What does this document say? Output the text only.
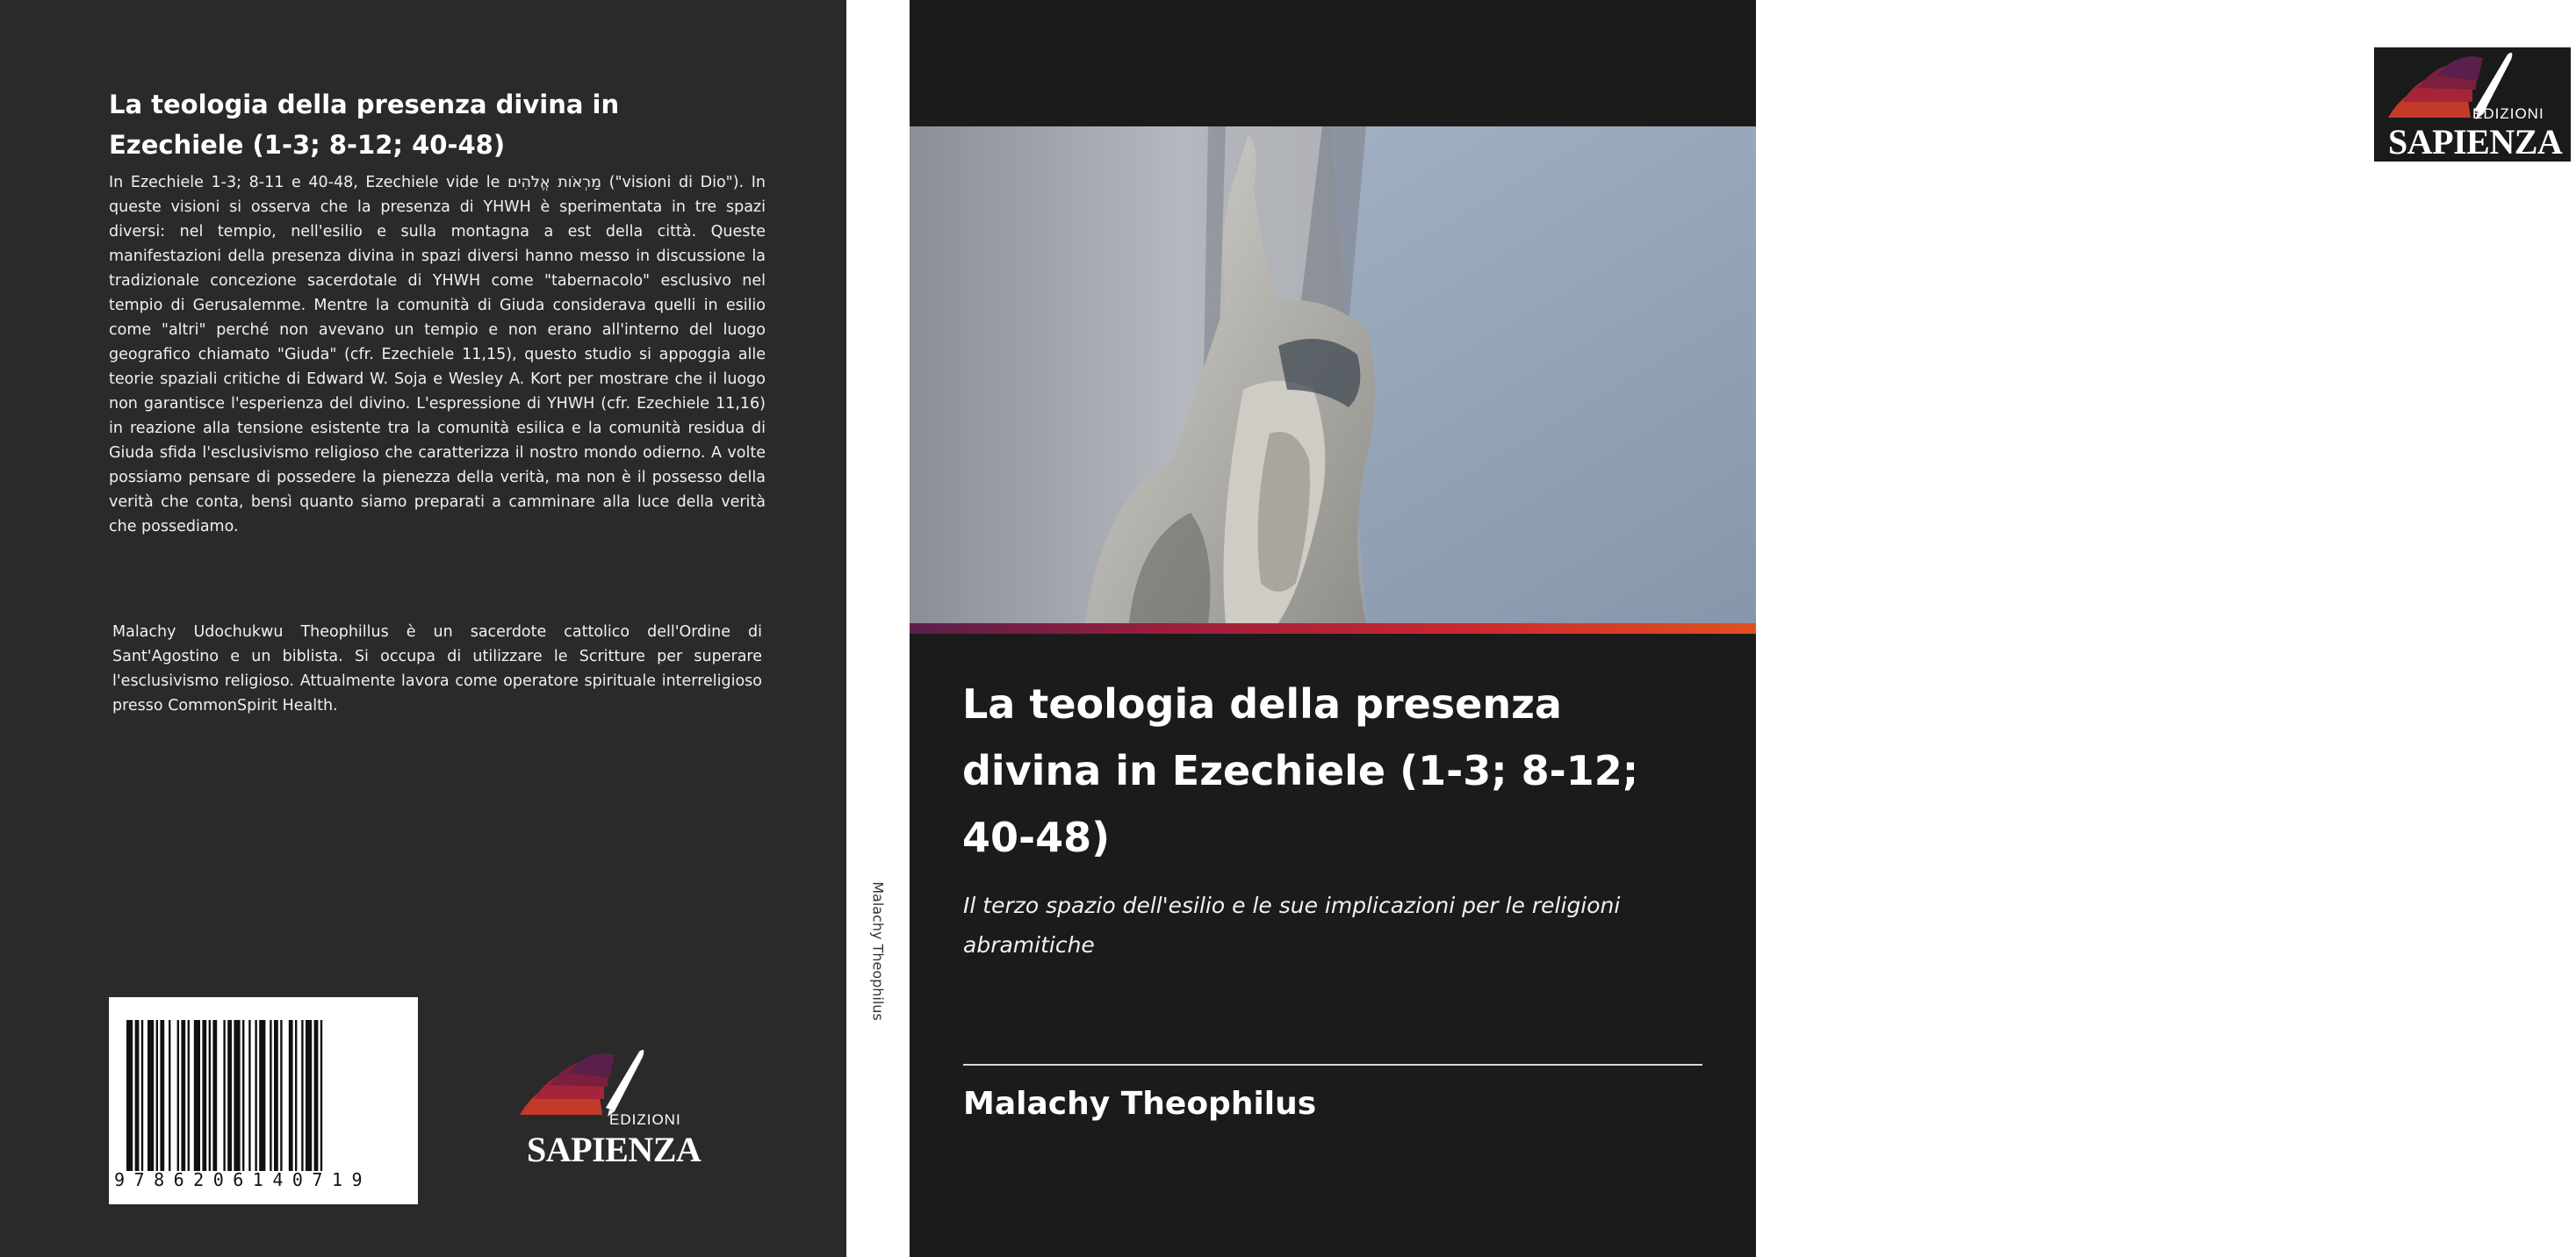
La teologia della presenza divina in Ezechiele (1-3; 8-12; 40-48)

In Ezechiele 1-3; 8-11 e 40-48, Ezechiele vide le מַרְאֹות אֱלֹהִים ("visioni di Dio"). In queste visioni si osserva che la presenza di YHWH è sperimentata in tre spazi diversi: nel tempio, nell'esilio e sulla montagna a est della città. Queste manifestazioni della presenza divina in spazi diversi hanno messo in discussione la tradizionale concezione sacerdotale di YHWH come "tabernacolo" esclusivo nel tempio di Gerusalemme. Mentre la comunità di Giuda considerava quelli in esilio come "altri" perché non avevano un tempio e non erano all'interno del luogo geografico chiamato "Giuda" (cfr. Ezechiele 11,15), questo studio si appoggia alle teorie spaziali critiche di Edward W. Soja e Wesley A. Kort per mostrare che il luogo non garantisce l'esperienza del divino. L'espressione di YHWH (cfr. Ezechiele 11,16) in reazione alla tensione esistente tra la comunità esilica e la comunità residua di Giuda sfida l'esclusivismo religioso che caratterizza il nostro mondo odierno. A volte possiamo pensare di possedere la pienezza della verità, ma non è il possesso della verità che conta, bensì quanto siamo preparati a camminare alla luce della verità che possediamo.

Malachy Udochukwu Theophillus è un sacerdote cattolico dell'Ordine di Sant'Agostino e un biblista. Si occupa di utilizzare le Scritture per superare l'esclusivismo religioso. Attualmente lavora come operatore spirituale interreligioso presso CommonSpirit Health.

9786206140719
EDIZIONI
SAPIENZA
Malachy Theophilus
EDIZIONI
SAPIENZA
La teologia della presenza divina in Ezechiele (1-3; 8-12; 40-48)

Il terzo spazio dell'esilio e le sue implicazioni per le religioni abramitiche

Malachy Theophilus
